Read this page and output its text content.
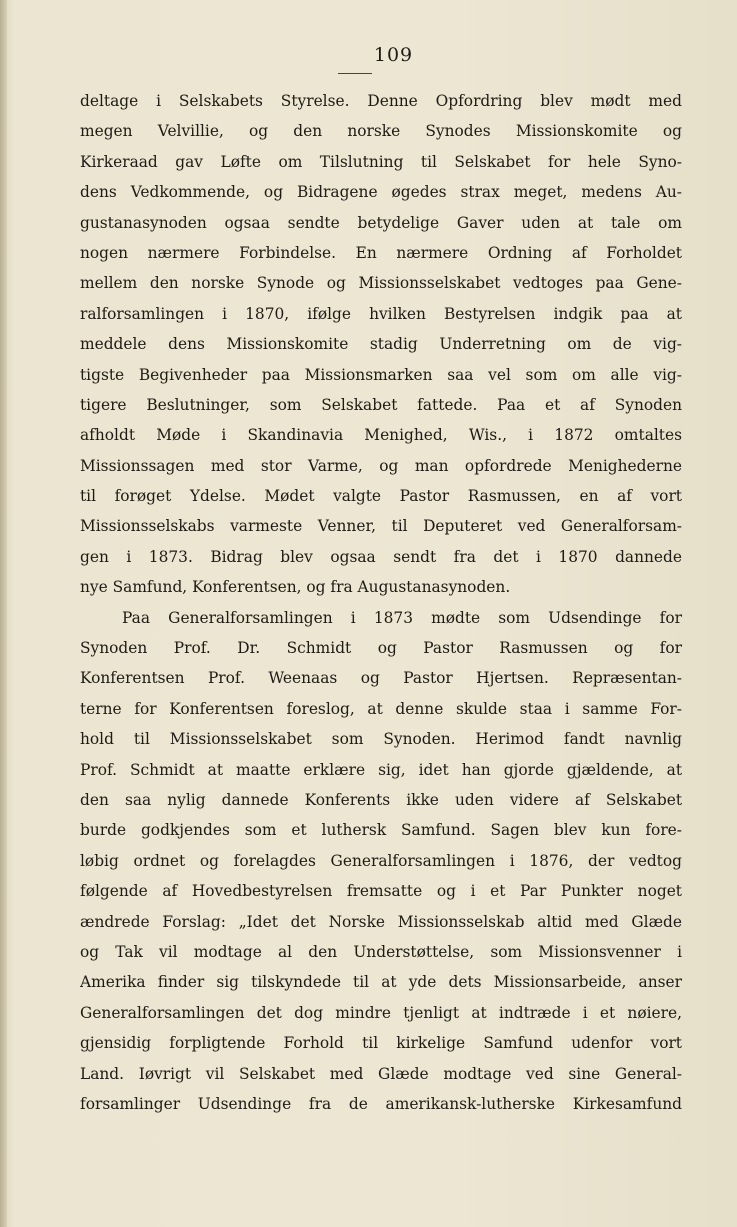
109
deltage i Selskabets Styrelse. Denne Opfordring blev mødt med
megen Velvillie, og den norske Synodes Missionskomite og
Kirkeraad gav Løfte om Tilslutning til Selskabet for hele Syno-
dens Vedkommende, og Bidragene øgedes strax meget, medens Au-
gustanasynoden ogsaa sendte betydelige Gaver uden at tale om
nogen nærmere Forbindelse. En nærmere Ordning af Forholdet
mellem den norske Synode og Missionsselskabet vedtoges paa Gene-
ralforsamlingen i 1870, ifølge hvilken Bestyrelsen indgik paa at
meddele dens Missionskomite stadig Underretning om de vig-
tigste Begivenheder paa Missionsmarken saa vel som om alle vig-
tigere Beslutninger, som Selskabet fattede. Paa et af Synoden
afholdt Møde i Skandinavia Menighed, Wis., i 1872 omtaltes
Missionssagen med stor Varme, og man opfordrede Menighederne
til forøget Ydelse. Mødet valgte Pastor Rasmussen, en af vort
Missionsselskabs varmeste Venner, til Deputeret ved Generalforsam-
gen i 1873. Bidrag blev ogsaa sendt fra det i 1870 dannede
nye Samfund, Konferentsen, og fra Augustanasynoden.
Paa Generalforsamlingen i 1873 mødte som Udsendinge for
Synoden Prof. Dr. Schmidt og Pastor Rasmussen og for
Konferentsen Prof. Weenaas og Pastor Hjertsen. Repræsentan-
terne for Konferentsen foreslog, at denne skulde staa i samme For-
hold til Missionsselskabet som Synoden. Herimod fandt navnlig
Prof. Schmidt at maatte erklære sig, idet han gjorde gjældende, at
den saa nylig dannede Konferents ikke uden videre af Selskabet
burde godkjendes som et luthersk Samfund. Sagen blev kun fore-
løbig ordnet og forelagdes Generalforsamlingen i 1876, der vedtog
følgende af Hovedbestyrelsen fremsatte og i et Par Punkter noget
ændrede Forslag: „Idet det Norske Missionsselskab altid med Glæde
og Tak vil modtage al den Understøttelse, som Missionsvenner i
Amerika finder sig tilskyndede til at yde dets Missionsarbeide, anser
Generalforsamlingen det dog mindre tjenligt at indtræde i et nøiere,
gjensidig forpligtende Forhold til kirkelige Samfund udenfor vort
Land. Iøvrigt vil Selskabet med Glæde modtage ved sine General-
forsamlinger Udsendinge fra de amerikansk-lutherske Kirkesamfund
